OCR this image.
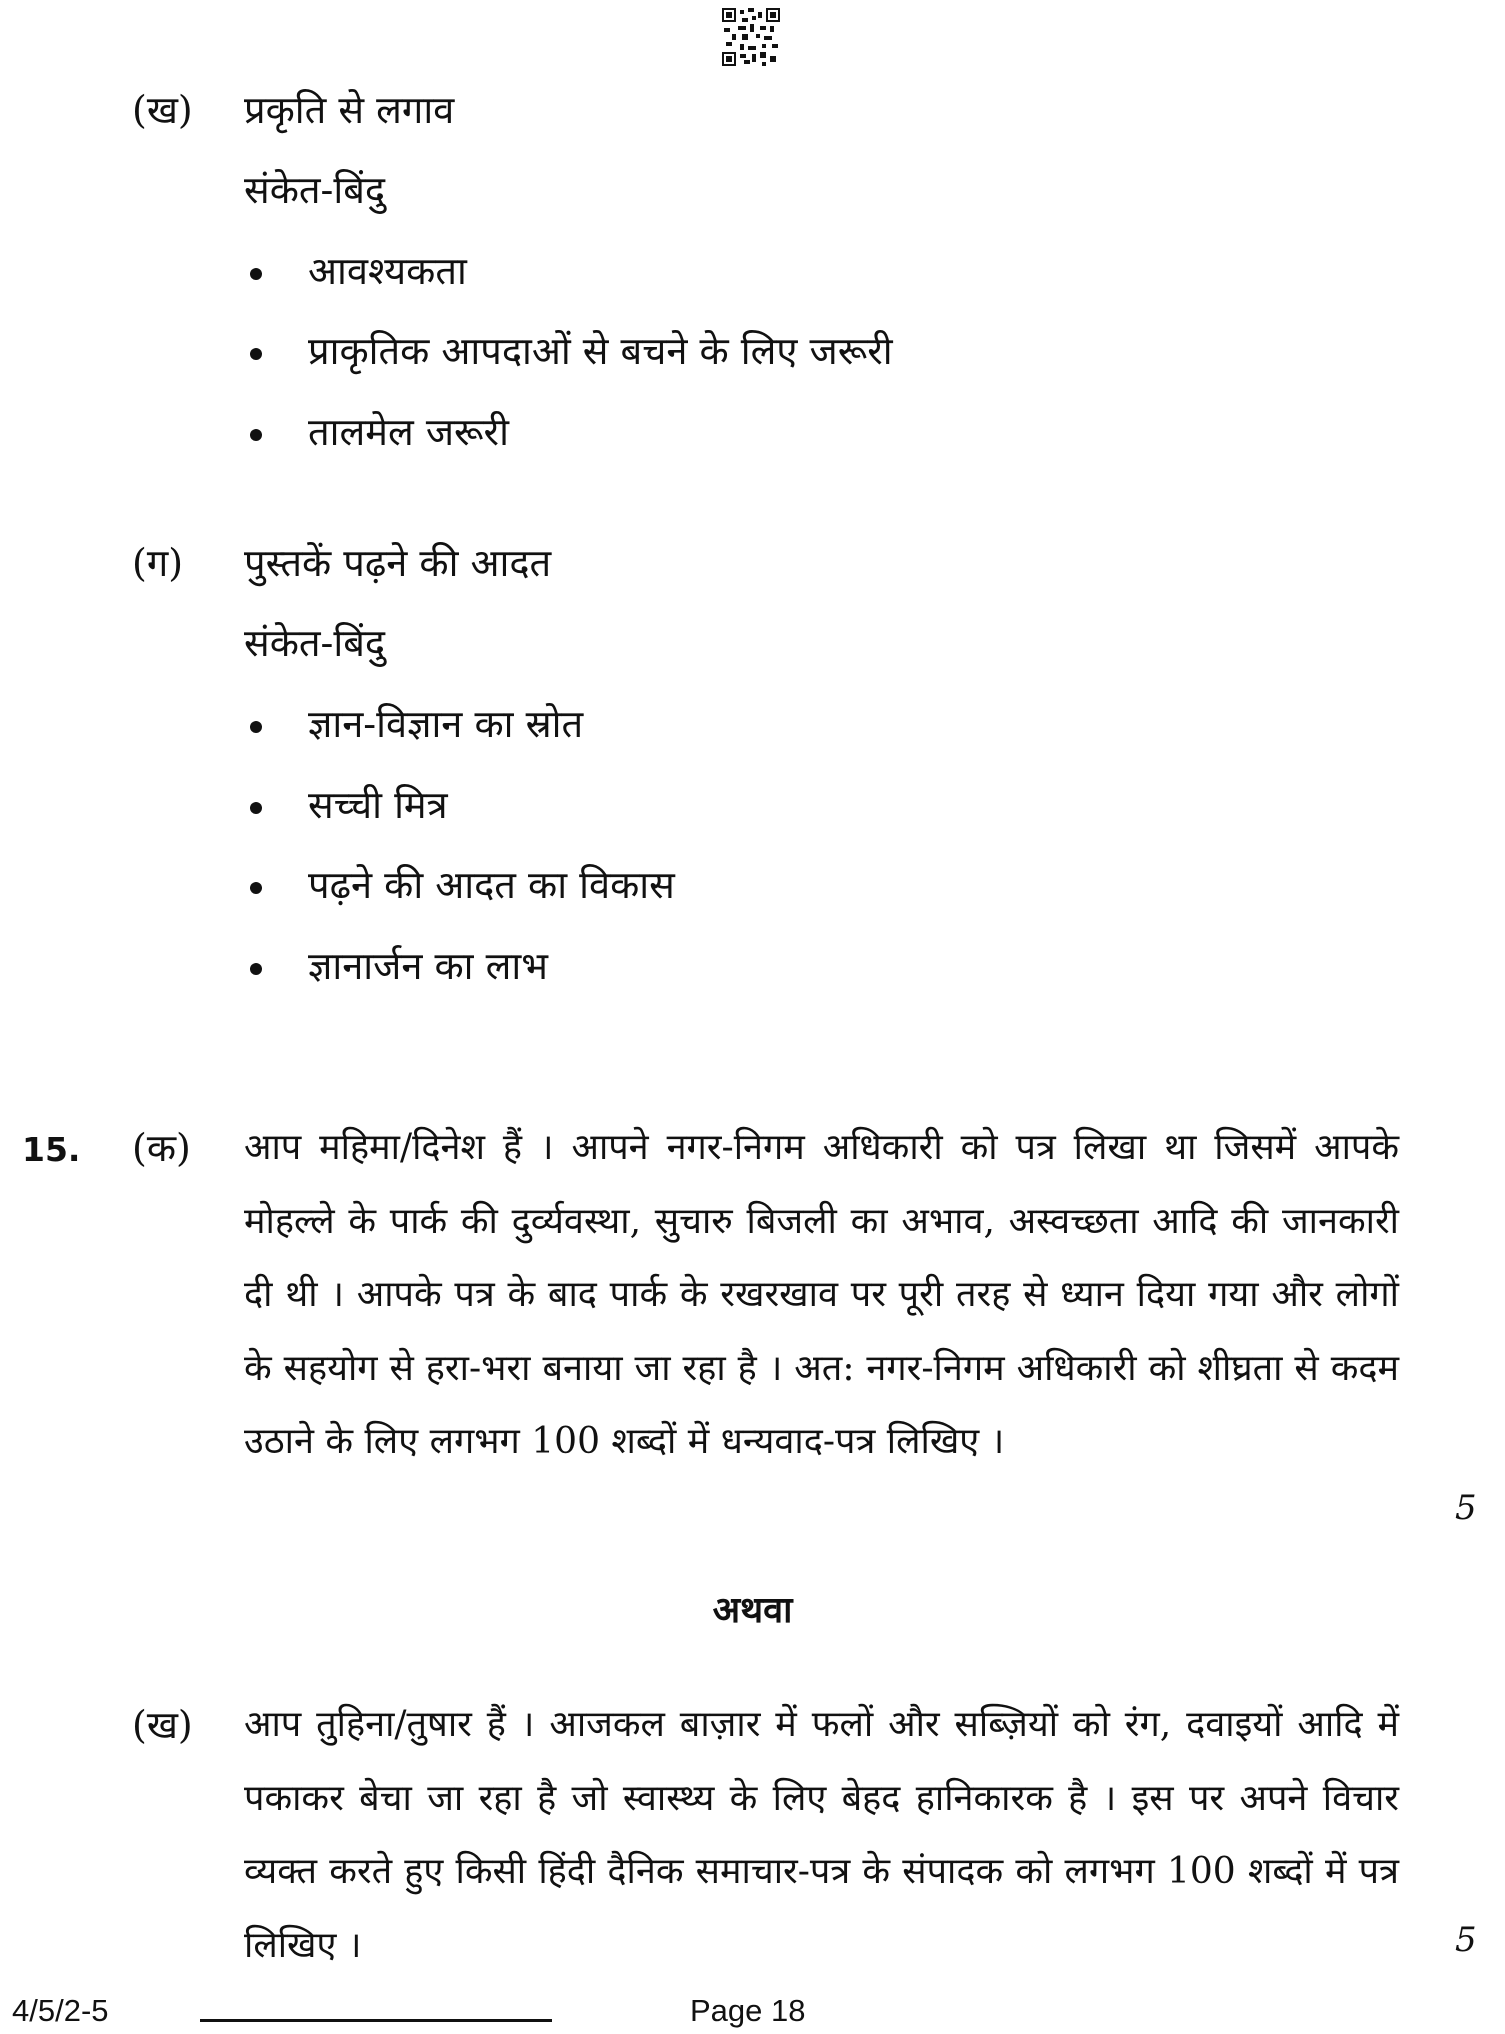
(ख) प्रकृति से लगाव
संकेत-बिंदु
आवश्यकता
प्राकृतिक आपदाओं से बचने के लिए जरूरी
तालमेल जरूरी
(ग) पुस्तकें पढ़ने की आदत
संकेत-बिंदु
ज्ञान-विज्ञान का स्रोत
सच्ची मित्र
पढ़ने की आदत का विकास
ज्ञानार्जन का लाभ
15. (क) आप महिमा/दिनेश हैं । आपने नगर-निगम अधिकारी को पत्र लिखा था जिसमें आपके मोहल्ले के पार्क की दुर्व्यवस्था, सुचारु बिजली का अभाव, अस्वच्छता आदि की जानकारी दी थी । आपके पत्र के बाद पार्क के रखरखाव पर पूरी तरह से ध्यान दिया गया और लोगों के सहयोग से हरा-भरा बनाया जा रहा है । अत: नगर-निगम अधिकारी को शीघ्रता से कदम उठाने के लिए लगभग 100 शब्दों में धन्यवाद-पत्र लिखिए ।

5
अथवा
(ख) आप तुहिना/तुषार हैं । आजकल बाज़ार में फलों और सब्ज़ियों को रंग, दवाइयों आदि में पकाकर बेचा जा रहा है जो स्वास्थ्य के लिए बेहद हानिकारक है । इस पर अपने विचार व्यक्त करते हुए किसी हिंदी दैनिक समाचार-पत्र के संपादक को लगभग 100 शब्दों में पत्र लिखिए ।	5
4/5/2-5	Page 18
